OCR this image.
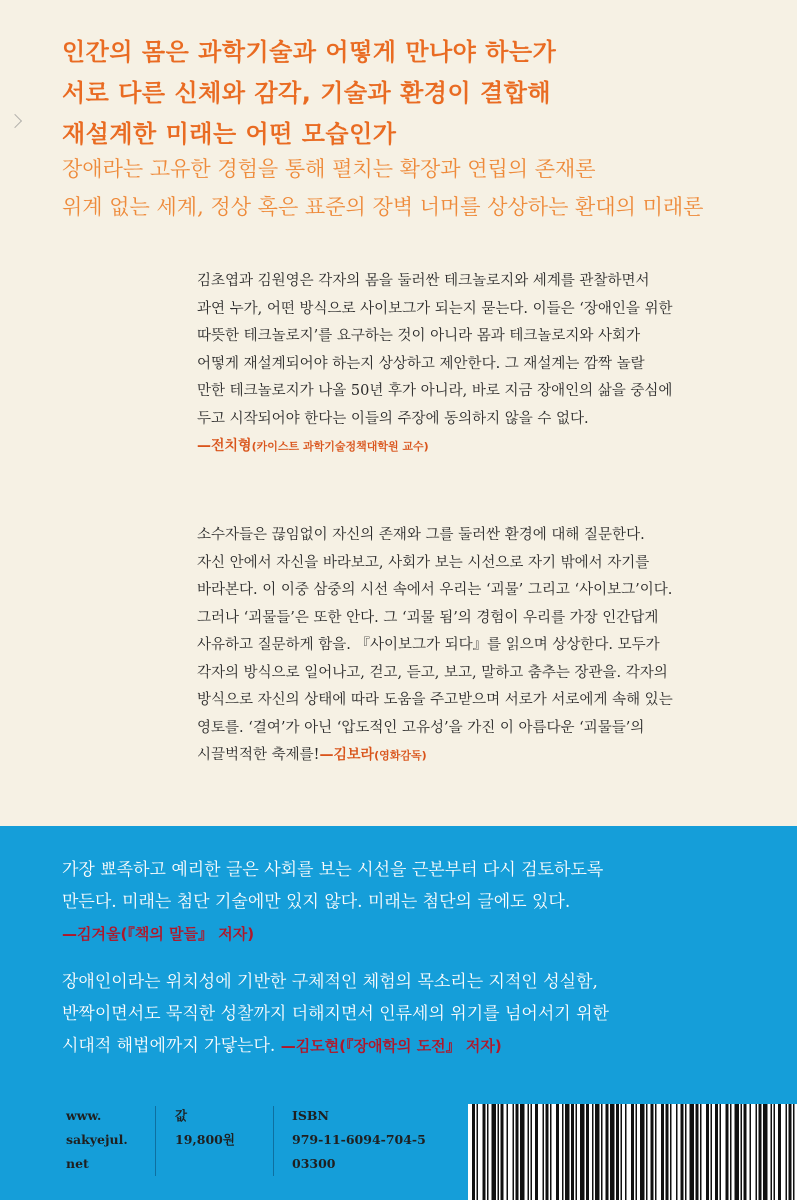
인간의 몸은 과학기술과 어떻게 만나야 하는가
서로 다른 신체와 감각, 기술과 환경이 결합해
재설계한 미래는 어떤 모습인가
장애라는 고유한 경험을 통해 펼치는 확장과 연립의 존재론
위계 없는 세계, 정상 혹은 표준의 장벽 너머를 상상하는 환대의 미래론
김초엽과 김원영은 각자의 몸을 둘러싼 테크놀로지와 세계를 관찰하면서
과연 누가, 어떤 방식으로 사이보그가 되는지 묻는다. 이들은 ‘장애인을 위한
따뜻한 테크놀로지’를 요구하는 것이 아니라 몸과 테크놀로지와 사회가
어떻게 재설계되어야 하는지 상상하고 제안한다. 그 재설계는 깜짝 놀랄
만한 테크놀로지가 나올 50년 후가 아니라, 바로 지금 장애인의 삶을 중심에
두고 시작되어야 한다는 이들의 주장에 동의하지 않을 수 없다.
—전치형(카이스트 과학기술정책대학원 교수)
소수자들은 끊임없이 자신의 존재와 그를 둘러싼 환경에 대해 질문한다.
자신 안에서 자신을 바라보고, 사회가 보는 시선으로 자기 밖에서 자기를
바라본다. 이 이중 삼중의 시선 속에서 우리는 ‘괴물’ 그리고 ‘사이보그’이다.
그러나 ‘괴물들’은 또한 안다. 그 ‘괴물 됨’의 경험이 우리를 가장 인간답게
사유하고 질문하게 함을. 『사이보그가 되다』를 읽으며 상상한다. 모두가
각자의 방식으로 일어나고, 걷고, 듣고, 보고, 말하고 춤추는 장관을. 각자의
방식으로 자신의 상태에 따라 도움을 주고받으며 서로가 서로에게 속해 있는
영토를. ‘결여’가 아닌 ‘압도적인 고유성’을 가진 이 아름다운 ‘괴물들’의
시끌벅적한 축제를!—김보라(영화감독)
가장 뾰족하고 예리한 글은 사회를 보는 시선을 근본부터 다시 검토하도록
만든다. 미래는 첨단 기술에만 있지 않다. 미래는 첨단의 글에도 있다.
—김겨울(『책의 말들』 저자)
장애인이라는 위치성에 기반한 구체적인 체험의 목소리는 지적인 성실함,
반짝이면서도 묵직한 성찰까지 더해지면서 인류세의 위기를 넘어서기 위한
시대적 해법에까지 가닿는다. —김도현(『장애학의 도전』 저자)
www.
sakyejul.
net
값
19,800원
ISBN
979-11-6094-704-5
03300
